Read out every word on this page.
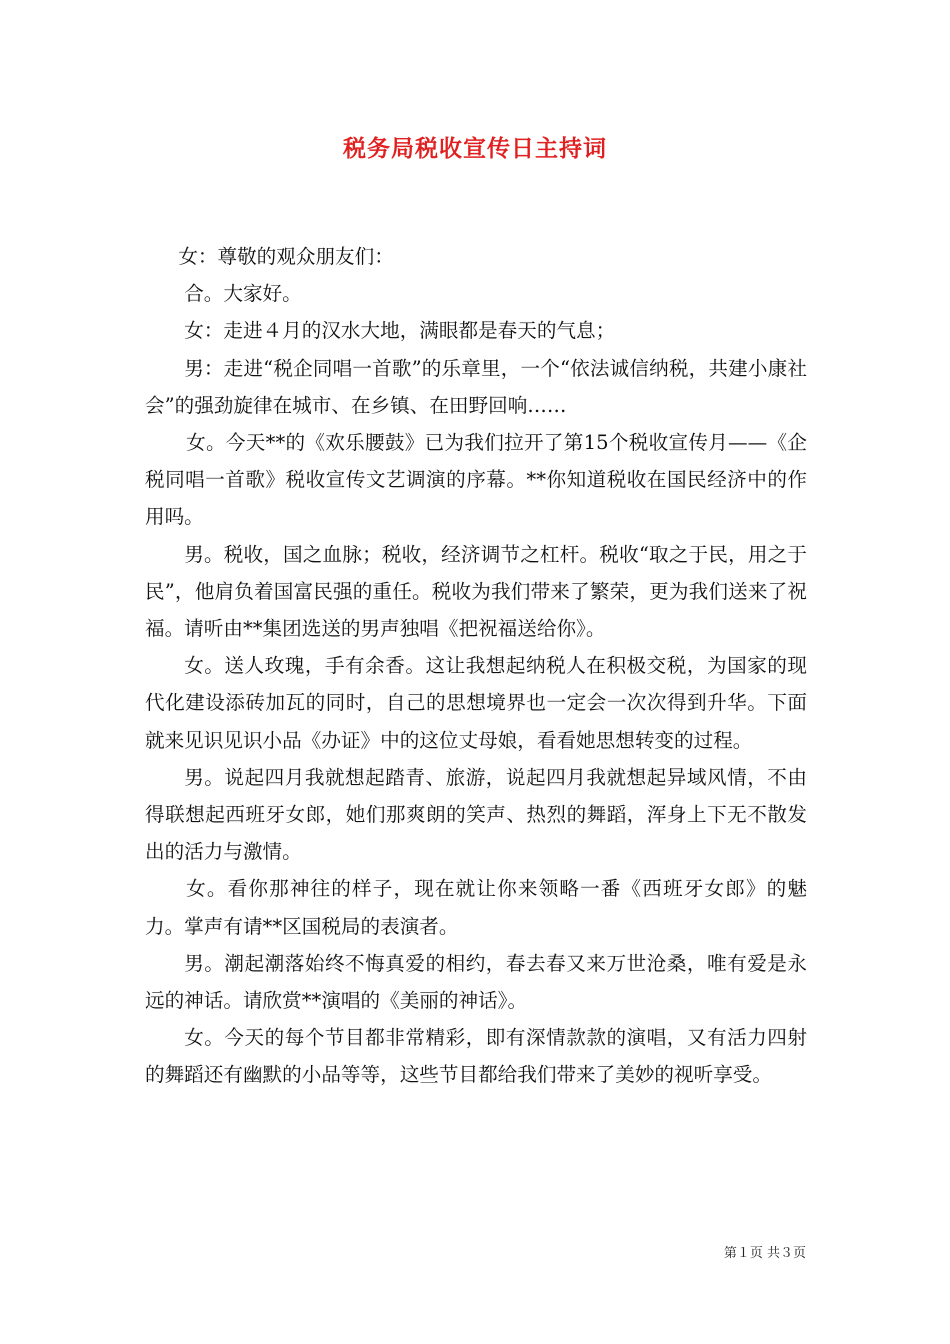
税务局税收宣传日主持词

女：尊敬的观众朋友们：

合。大家好。

女：走进４月的汉水大地，满眼都是春天的气息；

男：走进“税企同唱一首歌”的乐章里，一个“依法诚信纳税，共建小康社会”的强劲旋律在城市、在乡镇、在田野回响……

女。今天**的《欢乐腰鼓》已为我们拉开了第15个税收宣传月——《企税同唱一首歌》税收宣传文艺调演的序幕。**你知道税收在国民经济中的作用吗。

男。税收，国之血脉；税收，经济调节之杠杆。税收“取之于民，用之于民”，他肩负着国富民强的重任。税收为我们带来了繁荣，更为我们送来了祝福。请听由**集团选送的男声独唱《把祝福送给你》。

女。送人玫瑰，手有余香。这让我想起纳税人在积极交税，为国家的现代化建设添砖加瓦的同时，自己的思想境界也一定会一次次得到升华。下面就来见识见识小品《办证》中的这位丈母娘，看看她思想转变的过程。

男。说起四月我就想起踏青、旅游，说起四月我就想起异域风情，不由得联想起西班牙女郎，她们那爽朗的笑声、热烈的舞蹈，浑身上下无不散发出的活力与激情。

女。看你那神往的样子，现在就让你来领略一番《西班牙女郎》的魅力。掌声有请**区国税局的表演者。

男。潮起潮落始终不悔真爱的相约，春去春又来万世沧桑，唯有爱是永远的神话。请欣赏**演唱的《美丽的神话》。

女。今天的每个节目都非常精彩，即有深情款款的演唱，又有活力四射的舞蹈还有幽默的小品等等，这些节目都给我们带来了美妙的视听享受。

第１页 共３页
